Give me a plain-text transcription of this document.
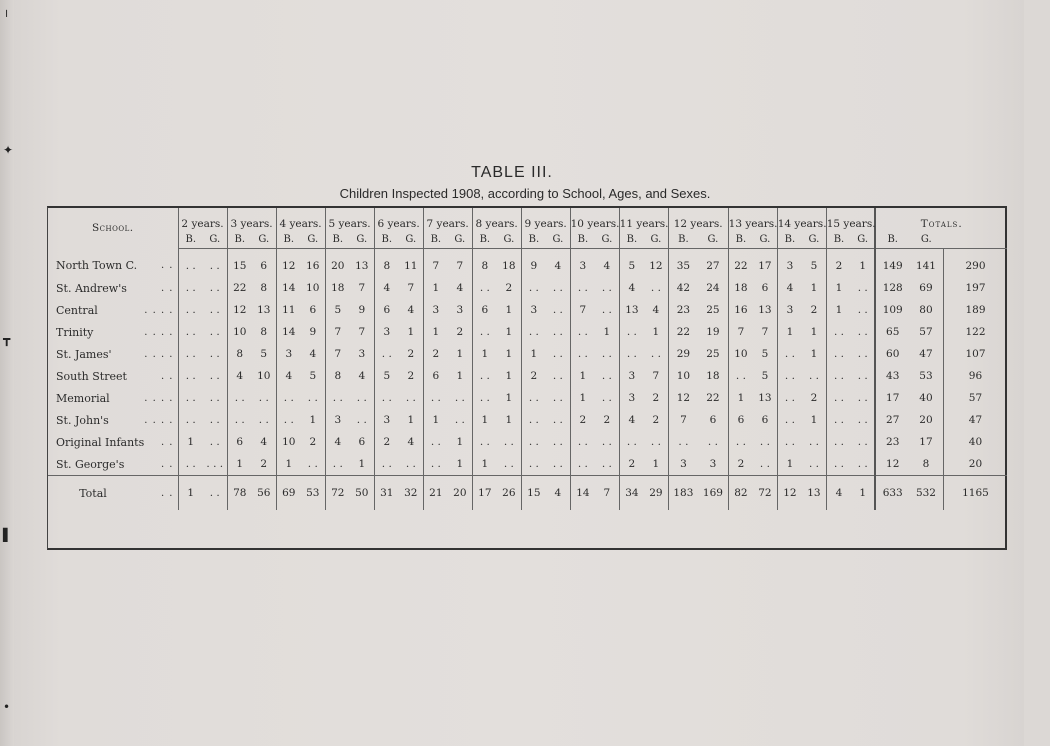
╵
✦
┳
▌
•
TABLE III.
Children Inspected 1908, according to School, Ages, and Sexes.
School.		2 years.		3 years.		4 years.		5 years.		6 years.		7 years.		8 years.		9 years.		10 years.		11 years.		12 years.		13 years.		14 years.		15 years.		Totals.		
		B.	G.	B.	G.	B.	G.	B.	G.	B.	G.	B.	G.	B.	G.	B.	G.	B.	G.	B.	G.	B.	G.	B.	G.	B.	G.	B.	G.	B.	G.	
North Town C.	. .	. .	. .	15	6	12	16	20	13	8	11	7	7	8	18	9	4	3	4	5	12	35	27	22	17	3	5	2	1	149	141	290
St. Andrew's	. .	. .	. .	22	8	14	10	18	7	4	7	1	4	. .	2	. .	. .	. .	. .	4	. .	42	24	18	6	4	1	1	. .	128	69	197
Central	. . . .	. .	. .	12	13	11	6	5	9	6	4	3	3	6	1	3	. .	7	. .	13	4	23	25	16	13	3	2	1	. .	109	80	189
Trinity	. . . .	. .	. .	10	8	14	9	7	7	3	1	1	2	. .	1	. .	. .	. .	1	. .	1	22	19	7	7	1	1	. .	. .	65	57	122
St. James'	. . . .	. .	. .	8	5	3	4	7	3	. .	2	2	1	1	1	1	. .	. .	. .	. .	. .	29	25	10	5	. .	1	. .	. .	60	47	107
South Street	. .	. .	. .	4	10	4	5	8	4	5	2	6	1	. .	1	2	. .	1	. .	3	7	10	18	. .	5	. .	. .	. .	. .	43	53	96
Memorial	. . . .	. .	. .	. .	. .	. .	. .	. .	. .	. .	. .	. .	. .	. .	1	. .	. .	1	. .	3	2	12	22	1	13	. .	2	. .	. .	17	40	57
St. John's	. . . .	. .	. .	. .	. .	. .	1	3	. .	3	1	1	. .	1	1	. .	. .	2	2	4	2	7	6	6	6	. .	1	. .	. .	27	20	47
Original Infants	. .	1	. .	6	4	10	2	4	6	2	4	. .	1	. .	. .	. .	. .	. .	. .	. .	. .	. .	. .	. .	. .	. .	. .	. .	. .	23	17	40
St. George's	. .	. .	. . .	1	2	1	. .	. .	1	. .	. .	. .	1	1	. .	. .	. .	. .	. .	2	1	3	3	2	. .	1	. .	. .	. .	12	8	20
Total	. .	1	. .	78	56	69	53	72	50	31	32	21	20	17	26	15	4	14	7	34	29	183	169	82	72	12	13	4	1	633	532	1165
